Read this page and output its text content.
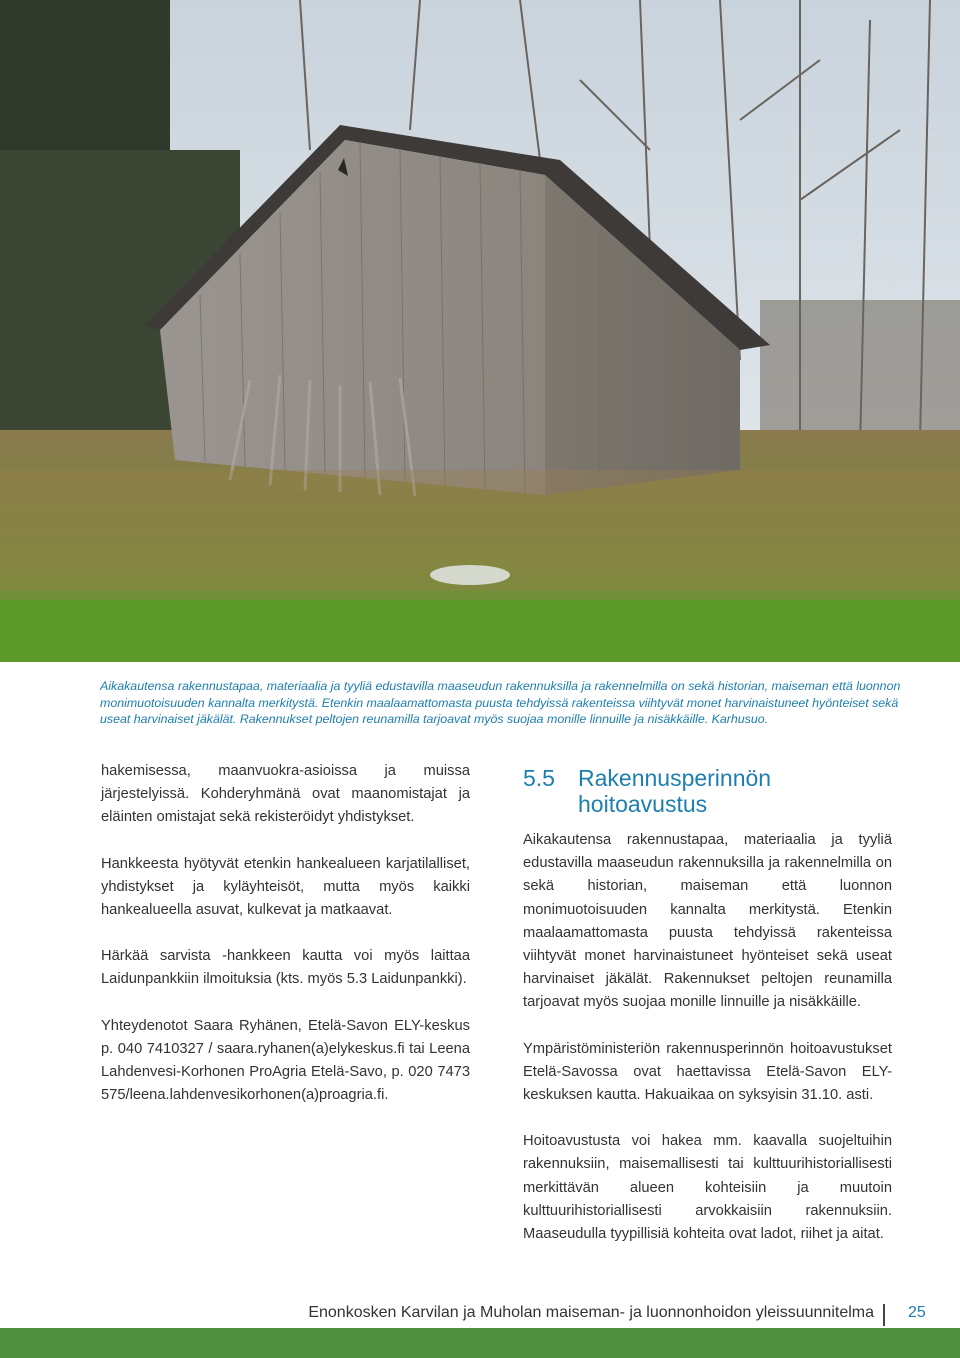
Aikakautensa rakennustapaa, materiaalia ja tyyliä edustavilla maaseudun rakennuksilla ja rakennelmilla on sekä historian, maiseman että luonnon monimuotoisuuden kannalta merkitystä. Etenkin maalaamattomasta puusta tehdyissä rakenteissa viihtyvät monet harvinaistuneet hyönteiset sekä useat harvinaiset jäkälät. Rakennukset peltojen reunamilla tarjoavat myös suojaa monille linnuille ja nisäkkäille. Karhusuo.

hakemisessa, maanvuokra-asioissa ja muissa järjestelyissä. Kohderyhmänä ovat maanomistajat ja eläinten omistajat sekä rekisteröidyt yhdistykset.

Hankkeesta hyötyvät etenkin hankealueen karjatilalliset, yhdistykset ja kyläyhteisöt, mutta myös kaikki hankealueella asuvat, kulkevat ja matkaavat.

Härkää sarvista -hankkeen kautta voi myös laittaa Laidunpankkiin ilmoituksia (kts. myös 5.3 Laidunpankki).

Yhteydenotot Saara Ryhänen, Etelä-Savon ELY-keskus p. 040 7410327 / saara.ryhanen(a)elykeskus.fi tai Leena Lahdenvesi-Korhonen ProAgria Etelä-Savo, p. 020 7473 575/leena.lahdenvesikorhonen(a)proagria.fi.

5.5	Rakennusperinnön hoitoavustus

Aikakautensa rakennustapaa, materiaalia ja tyyliä edustavilla maaseudun rakennuksilla ja rakennelmilla on sekä historian, maiseman että luonnon monimuotoisuuden kannalta merkitystä. Etenkin maalaamattomasta puusta tehdyissä rakenteissa viihtyvät monet harvinaistuneet hyönteiset sekä useat harvinaiset jäkälät. Rakennukset peltojen reunamilla tarjoavat myös suojaa monille linnuille ja nisäkkäille.

Ympäristöministeriön rakennusperinnön hoitoavustukset Etelä-Savossa ovat haettavissa Etelä-Savon ELY-keskuksen kautta. Hakuaikaa on syksyisin 31.10. asti.

Hoitoavustusta voi hakea mm. kaavalla suojeltuihin rakennuksiin, maisemallisesti tai kulttuurihistoriallisesti merkittävän alueen kohteisiin ja muutoin kulttuurihistoriallisesti arvokkaisiin rakennuksiin. Maaseudulla tyypillisiä kohteita ovat ladot, riihet ja aitat.

Enonkosken Karvilan ja Muholan maiseman- ja luonnonhoidon yleissuunnitelma 25
